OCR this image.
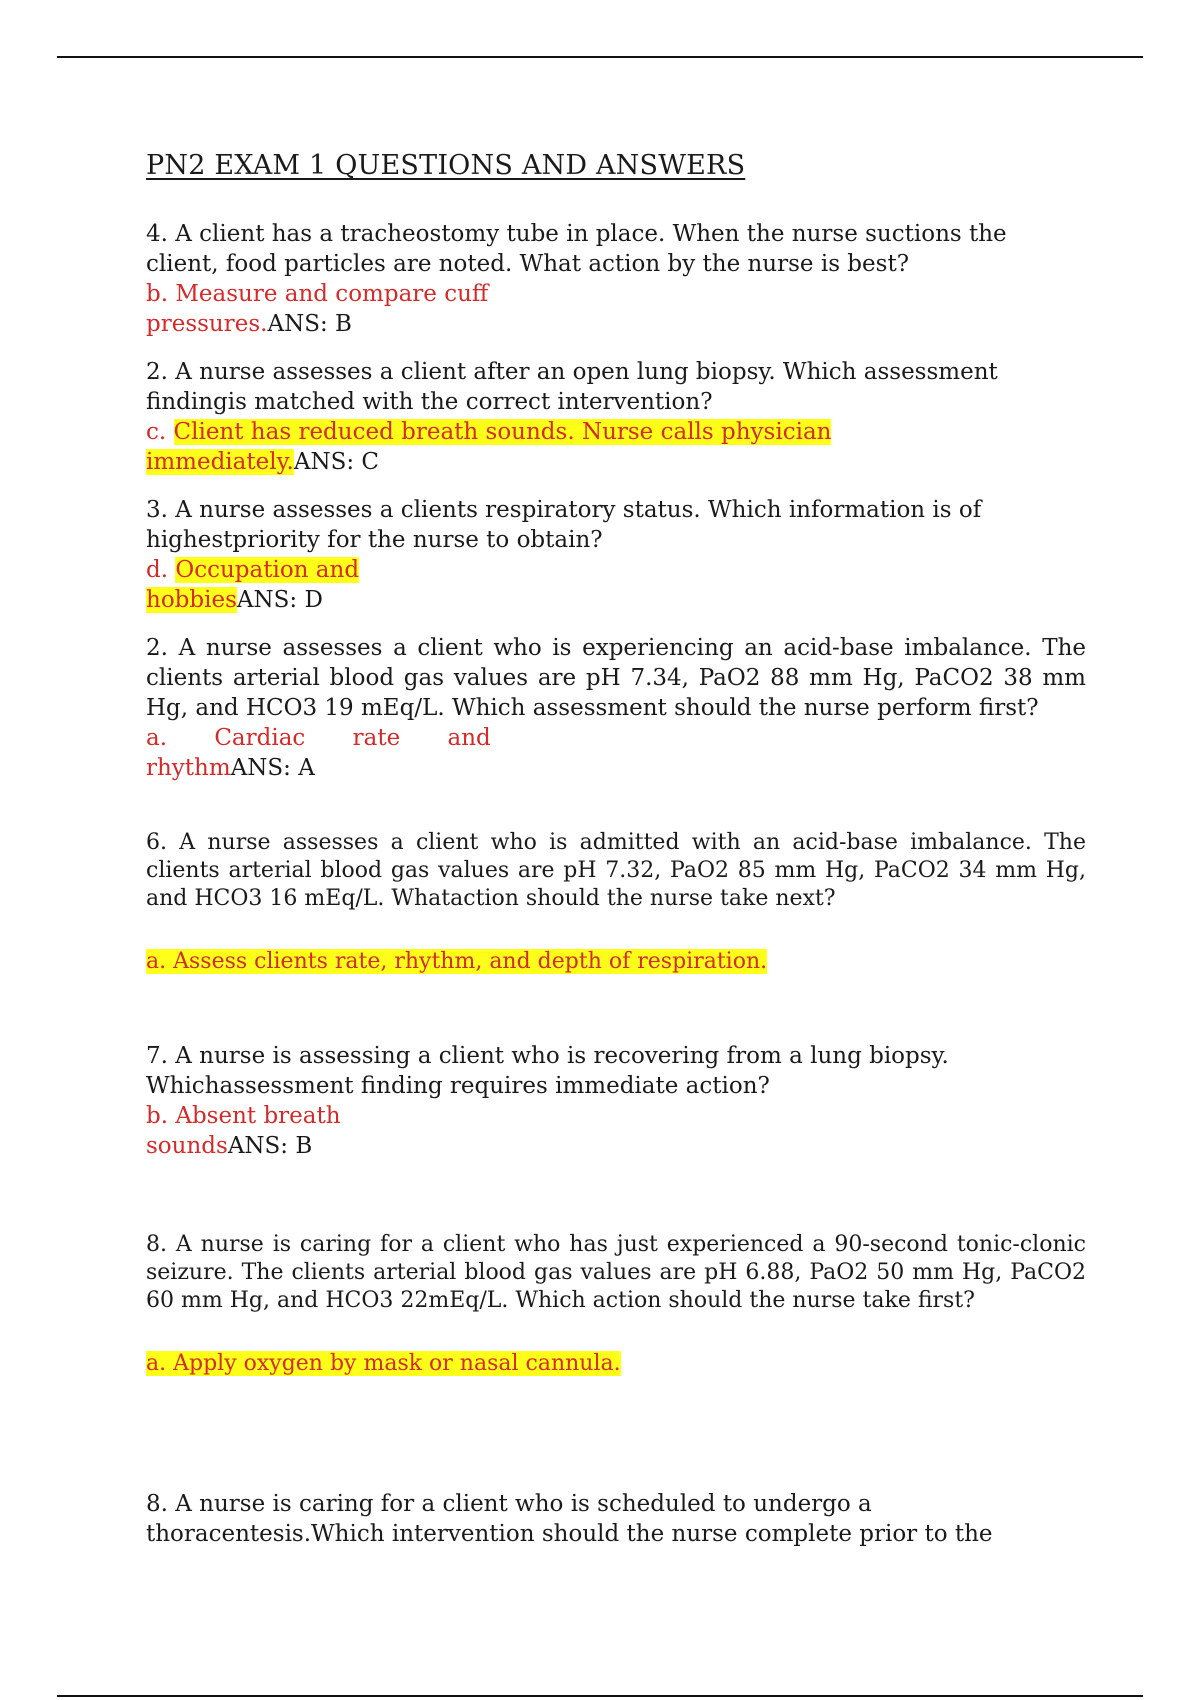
PN2 EXAM 1 QUESTIONS AND ANSWERS

4. A client has a tracheostomy tube in place. When the nurse suctions the client, food particles are noted. What action by the nurse is best?

b. Measure and compare cuff

pressures.ANS: B

2. A nurse assesses a client after an open lung biopsy. Which assessment findingis matched with the correct intervention?

c. Client has reduced breath sounds. Nurse calls physician

immediately.ANS: C

3. A nurse assesses a clients respiratory status. Which information is of highestpriority for the nurse to obtain?

d. Occupation and

hobbiesANS: D

2. A nurse assesses a client who is experiencing an acid-base imbalance. The clients arterial blood gas values are pH 7.34, PaO2 88 mm Hg, PaCO2 38 mm Hg, and HCO3 19 mEq/L. Which assessment should the nurse perform first?

a. Cardiac rate and

rhythmANS: A

6. A nurse assesses a client who is admitted with an acid-base imbalance. The clients arterial blood gas values are pH 7.32, PaO2 85 mm Hg, PaCO2 34 mm Hg, and HCO3 16 mEq/L. Whataction should the nurse take next?

a. Assess clients rate, rhythm, and depth of respiration.

7. A nurse is assessing a client who is recovering from a lung biopsy. Whichassessment finding requires immediate action?

b. Absent breath

soundsANS: B

8. A nurse is caring for a client who has just experienced a 90-second tonic-clonic seizure. The clients arterial blood gas values are pH 6.88, PaO2 50 mm Hg, PaCO2 60 mm Hg, and HCO3 22mEq/L. Which action should the nurse take first?

a. Apply oxygen by mask or nasal cannula.

8. A nurse is caring for a client who is scheduled to undergo a thoracentesis.Which intervention should the nurse complete prior to the
